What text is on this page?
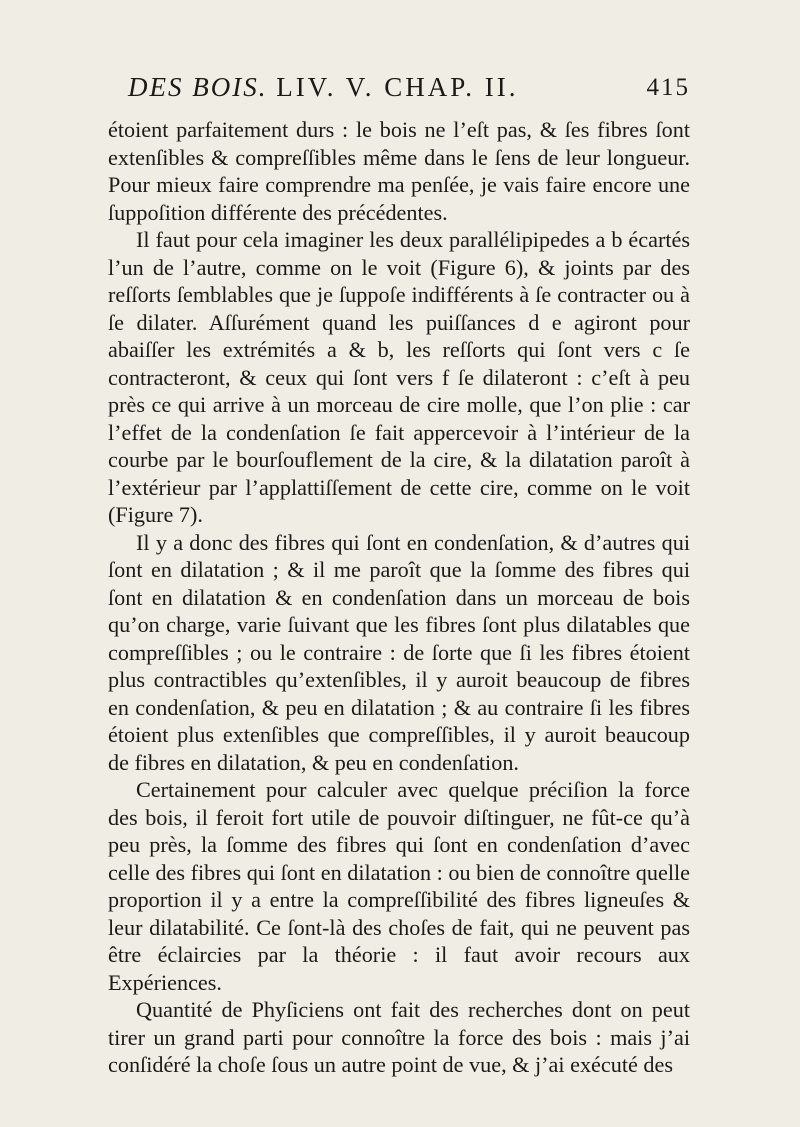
DES BOIS. LIV. V. CHAP. II.	415

étoient parfaitement durs : le bois ne l’eſt pas, & ſes fibres ſont extenſibles & compreſſibles même dans le ſens de leur longueur. Pour mieux faire comprendre ma penſée, je vais faire encore une ſuppoſition différente des précédentes.

Il faut pour cela imaginer les deux parallélipipedes a b écartés l’un de l’autre, comme on le voit (Figure 6), & joints par des reſſorts ſemblables que je ſuppoſe indifférents à ſe contracter ou à ſe dilater. Aſſurément quand les puiſſances d e agiront pour abaiſſer les extrémités a & b, les reſſorts qui ſont vers c ſe contracteront, & ceux qui ſont vers f ſe dilateront : c’eſt à peu près ce qui arrive à un morceau de cire molle, que l’on plie : car l’effet de la condenſation ſe fait appercevoir à l’intérieur de la courbe par le bourſouflement de la cire, & la dilatation paroît à l’extérieur par l’applattiſſement de cette cire, comme on le voit (Figure 7).

Il y a donc des fibres qui ſont en condenſation, & d’autres qui ſont en dilatation ; & il me paroît que la ſomme des fibres qui ſont en dilatation & en condenſation dans un morceau de bois qu’on charge, varie ſuivant que les fibres ſont plus dilatables que compreſſibles ; ou le contraire : de ſorte que ſi les fibres étoient plus contractibles qu’extenſibles, il y auroit beaucoup de fibres en condenſation, & peu en dilatation ; & au contraire ſi les fibres étoient plus extenſibles que compreſſibles, il y auroit beaucoup de fibres en dilatation, & peu en condenſation.

Certainement pour calculer avec quelque préciſion la force des bois, il feroit fort utile de pouvoir diſtinguer, ne fût-ce qu’à peu près, la ſomme des fibres qui ſont en condenſation d’avec celle des fibres qui ſont en dilatation : ou bien de connoître quelle proportion il y a entre la compreſſibilité des fibres ligneuſes & leur dilatabilité. Ce ſont-là des choſes de fait, qui ne peuvent pas être éclaircies par la théorie : il faut avoir recours aux Expériences.

Quantité de Phyſiciens ont fait des recherches dont on peut tirer un grand parti pour connoître la force des bois : mais j’ai conſidéré la choſe ſous un autre point de vue, & j’ai exécuté des
